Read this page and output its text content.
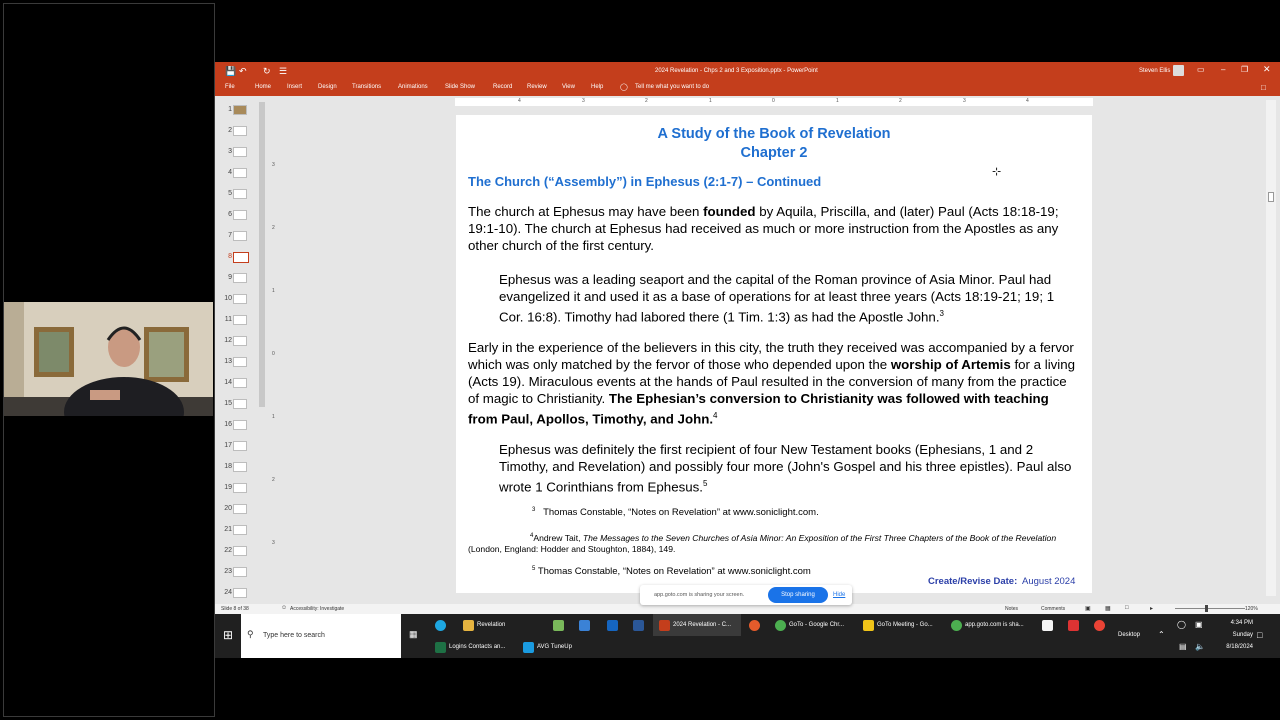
💾 ↶ ↻ ☰	2024 Revelation - Chps 2 and 3 Exposition.pptx - PowerPoint	Steven Ellis	▭ – ❐ ✕
File	Home	Insert	Design	Transitions	Animations	Slide Show	Record Review	View	Help ◯ Tell me what you want to do	□
1
2
3
4
5
6
7
8
9
10
11
12
13
14
15
16
17
18
19
20
21
22
23
24
3
2
1
0
1
2
3
4	3	2	1	0	1	2	3	4
A Study of the Book of Revelation
Chapter 2
The Church (“Assembly”) in Ephesus (2:1-7) – Continued

The church at Ephesus may have been founded by Aquila, Priscilla, and (later) Paul (Acts 18:18-19; 19:1-10). The church at Ephesus had received as much or more instruction from the Apostles as any other church of the first century.

Ephesus was a leading seaport and the capital of the Roman province of Asia Minor. Paul had evangelized it and used it as a base of operations for at least three years (Acts 18:19-21; 19; 1 Cor. 16:8). Timothy had labored there (1 Tim. 1:3) as had the Apostle John.$^3$

Early in the experience of the believers in this city, the truth they received was accompanied by a fervor which was only matched by the fervor of those who depended upon the worship of Artemis for a living (Acts 19). Miraculous events at the hands of Paul resulted in the conversion of many from the practice of magic to Christianity. The Ephesian’s conversion to Christianity was followed with teaching from Paul, Apollos, Timothy, and John.$^4$

Ephesus was definitely the first recipient of four New Testament books (Ephesians, 1 and 2 Timothy, and Revelation) and possibly four more (John's Gospel and his three epistles). Paul also wrote 1 Corinthians from Ephesus.$^5$

$^3$ Thomas Constable, “Notes on Revelation” at www.soniclight.com.
$^4$Andrew Tait, The Messages to the Seven Churches of Asia Minor: An Exposition of the First Three Chapters of the Book of the Revelation (London, England: Hodder and Stoughton, 1884), 149.
$^5$ Thomas Constable, “Notes on Revelation” at www.soniclight.com
Create/Revise Date: August 2024
⊹
Slide 8 of 38	☺ Accessibility: Investigate	Notes	Comments	▣ ▦ □	▸	120%
app.goto.com is sharing your screen.	Stop sharing	Hide
⊞ ⚲ Type here to search	▦
Revelation	2024 Revelation - C...	GoTo - Google Chr...	GoTo Meeting - Go...	app.goto.com is sha...
Logins Contacts an...	AVG TuneUp
Desktop ⌃
◯ ▣
▤ 🔈
4:34 PM
Sunday
8/18/2024
□
